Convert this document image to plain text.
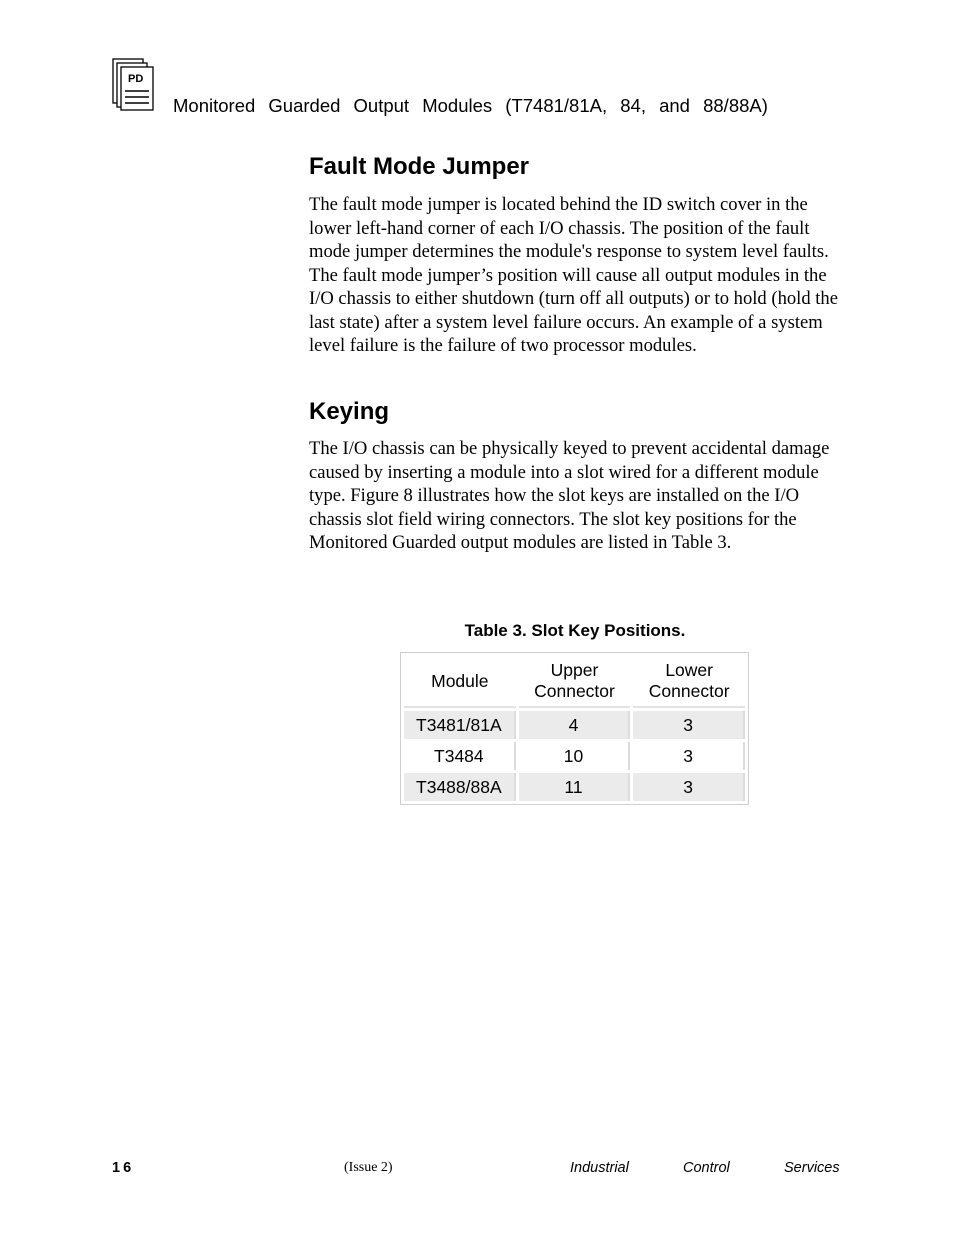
PD
Monitored Guarded Output Modules (T7481/81A, 84, and 88/88A)
Fault Mode Jumper

The fault mode jumper is located behind the ID switch cover in the lower left-hand corner of each I/O chassis. The position of the fault mode jumper determines the module's response to system level faults. The fault mode jumper’s position will cause all output modules in the I/O chassis to either shutdown (turn off all outputs) or to hold (hold the last state) after a system level failure occurs. An example of a system level failure is the failure of two processor modules.

Keying

The I/O chassis can be physically keyed to prevent accidental damage caused by inserting a module into a slot wired for a different module type. Figure 8 illustrates how the slot keys are installed on the I/O chassis slot field wiring connectors. The slot key positions for the Monitored Guarded output modules are listed in Table 3.

Table 3. Slot Key Positions.
Module	Upper Connector	Lower Connector
T3481/81A	4	3
T3484	10	3
T3488/88A	11	3
16	(Issue 2)	Industrial	Control	Services
